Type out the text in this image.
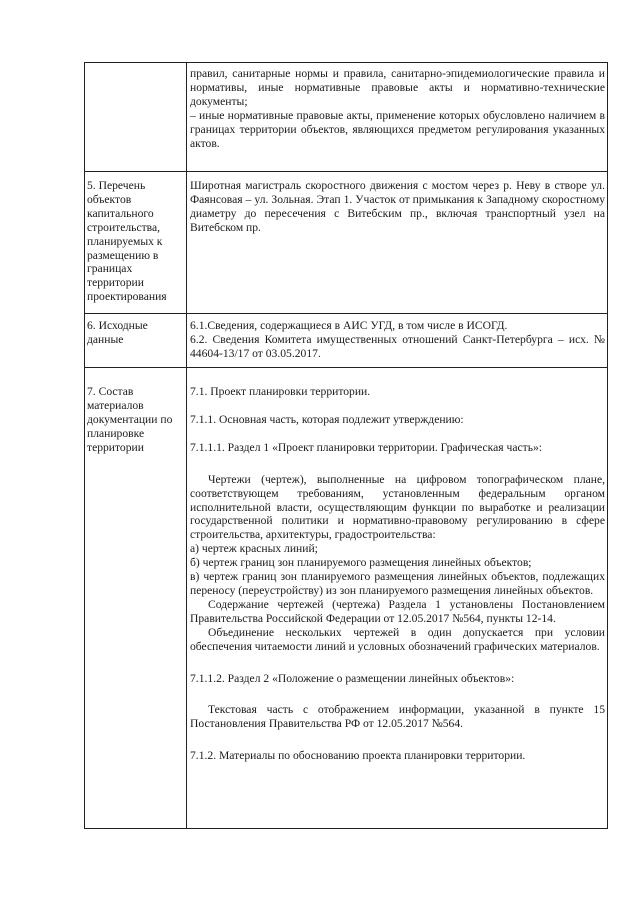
правил, санитарные нормы и правила, санитарно-эпидемиологические правила и нормативы, иные нормативные правовые акты и нормативно-технические документы;

– иные нормативные правовые акты, применение которых обусловлено наличием в границах территории объектов, являющихся предметом регулирования указанных актов.

5. Перечень объектов капитального строительства, планируемых к размещению в границах территории проектирования

Широтная магистраль скоростного движения с мостом через р. Неву в створе ул. Фаянсовая – ул. Зольная. Этап 1. Участок от примыкания к Западному скоростному диаметру до пересечения с Витебским пр., включая транспортный узел на Витебском пр.

6. Исходные данные

6.1.Сведения, содержащиеся в АИС УГД, в том числе в ИСОГД.

6.2. Сведения Комитета имущественных отношений Санкт-Петербурга – исх. № 44604-13/17 от 03.05.2017.

7. Состав материалов документации по планировке территории

7.1. Проект планировки территории.

7.1.1. Основная часть, которая подлежит утверждению:

7.1.1.1. Раздел 1 «Проект планировки территории. Графическая часть»:

Чертежи (чертеж), выполненные на цифровом топографическом плане, соответствующем требованиям, установленным федеральным органом исполнительной власти, осуществляющим функции по выработке и реализации государственной политики и нормативно-правовому регулированию в сфере строительства, архитектуры, градостроительства:

а) чертеж красных линий;

б) чертеж границ зон планируемого размещения линейных объектов;

в) чертеж границ зон планируемого размещения линейных объектов, подлежащих переносу (переустройству) из зон планируемого размещения линейных объектов.

Содержание чертежей (чертежа) Раздела 1 установлены Постановлением Правительства Российской Федерации от 12.05.2017 №564, пункты 12-14.

Объединение нескольких чертежей в один допускается при условии обеспечения читаемости линий и условных обозначений графических материалов.

7.1.1.2. Раздел 2 «Положение о размещении линейных объектов»:

Текстовая часть с отображением информации, указанной в пункте 15 Постановления Правительства РФ от 12.05.2017 №564.

7.1.2. Материалы по обоснованию проекта планировки территории.
